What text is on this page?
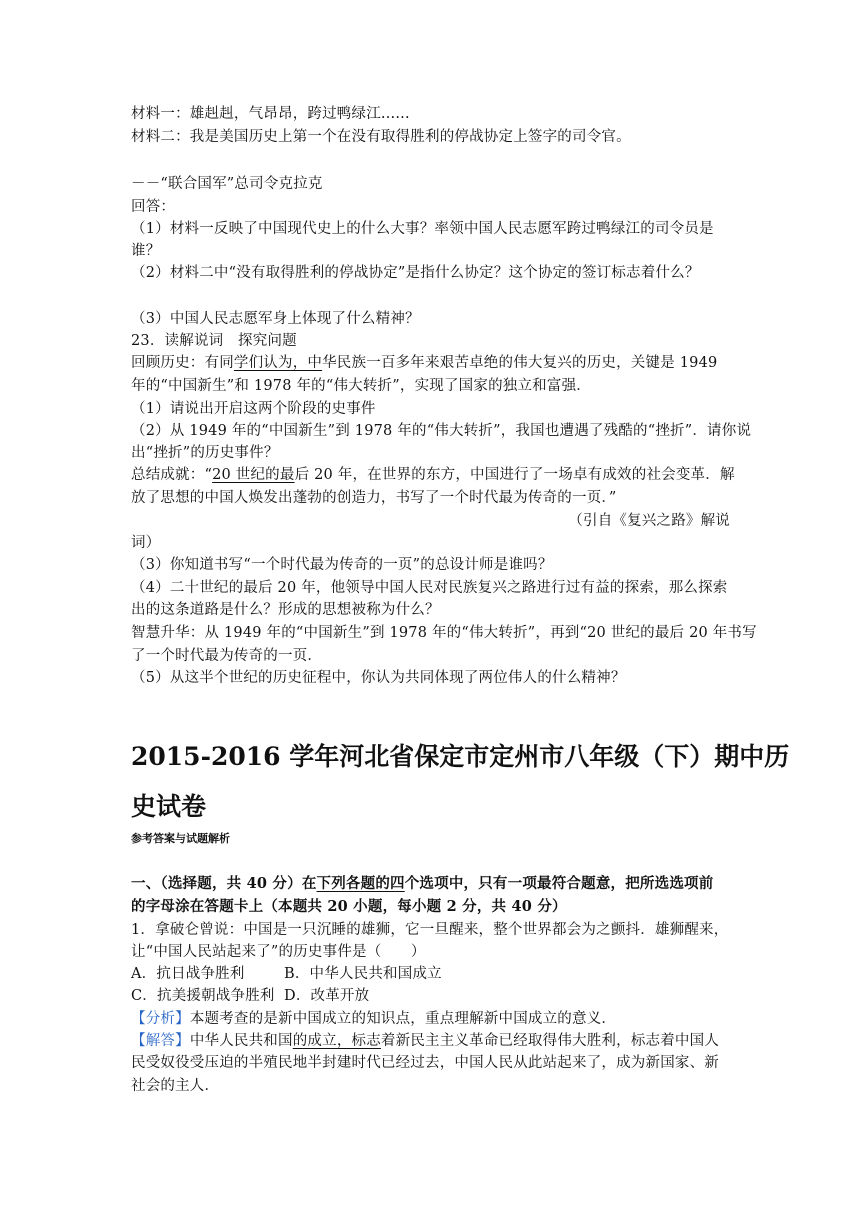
材料一：雄赳赳，气昂昂，跨过鸭绿江......
材料二：我是美国历史上第一个在没有取得胜利的停战协定上签字的司令官。
－－“联合国军”总司令克拉克
回答：
（1）材料一反映了中国现代史上的什么大事？率领中国人民志愿军跨过鸭绿江的司令员是
谁？
（2）材料二中“没有取得胜利的停战协定”是指什么协定？这个协定的签订标志着什么？
（3）中国人民志愿军身上体现了什么精神？
23．读解说词　探究问题
回顾历史：有同学们认为，中华民族一百多年来艰苦卓绝的伟大复兴的历史，关键是 1949
年的“中国新生”和 1978 年的“伟大转折”，实现了国家的独立和富强．
（1）请说出开启这两个阶段的史事件
（2）从 1949 年的“中国新生”到 1978 年的“伟大转折”，我国也遭遇了残酷的“挫折”．请你说
出“挫折”的历史事件？
总结成就：“20 世纪的最后 20 年，在世界的东方，中国进行了一场卓有成效的社会变革．解
放了思想的中国人焕发出蓬勃的创造力，书写了一个时代最为传奇的一页．”
（引自《复兴之路》解说
词）
（3）你知道书写“一个时代最为传奇的一页”的总设计师是谁吗？
（4）二十世纪的最后 20 年，他领导中国人民对民族复兴之路进行过有益的探索，那么探索
出的这条道路是什么？形成的思想被称为什么？
智慧升华：从 1949 年的“中国新生”到 1978 年的“伟大转折”，再到“20 世纪的最后 20 年书写
了一个时代最为传奇的一页．
（5）从这半个世纪的历史征程中，你认为共同体现了两位伟人的什么精神？
2015-2016 学年河北省保定市定州市八年级（下）期中历
史试卷
参考答案与试题解析
一、（选择题，共 40 分）在下列各题的四个选项中，只有一项最符合题意，把所选选项前
的字母涂在答题卡上（本题共 20 小题，每小题 2 分，共 40 分）
1．拿破仑曾说：中国是一只沉睡的雄狮，它一旦醒来，整个世界都会为之颤抖．雄狮醒来，
让“中国人民站起来了”的历史事件是（　　）
A．抗日战争胜利	B．中华人民共和国成立
C．抗美援朝战争胜利 D．改革开放
【分析】本题考查的是新中国成立的知识点，重点理解新中国成立的意义．
【解答】中华人民共和国的成立，标志着新民主主义革命已经取得伟大胜利，标志着中国人
民受奴役受压迫的半殖民地半封建时代已经过去，中国人民从此站起来了，成为新国家、新
社会的主人．
